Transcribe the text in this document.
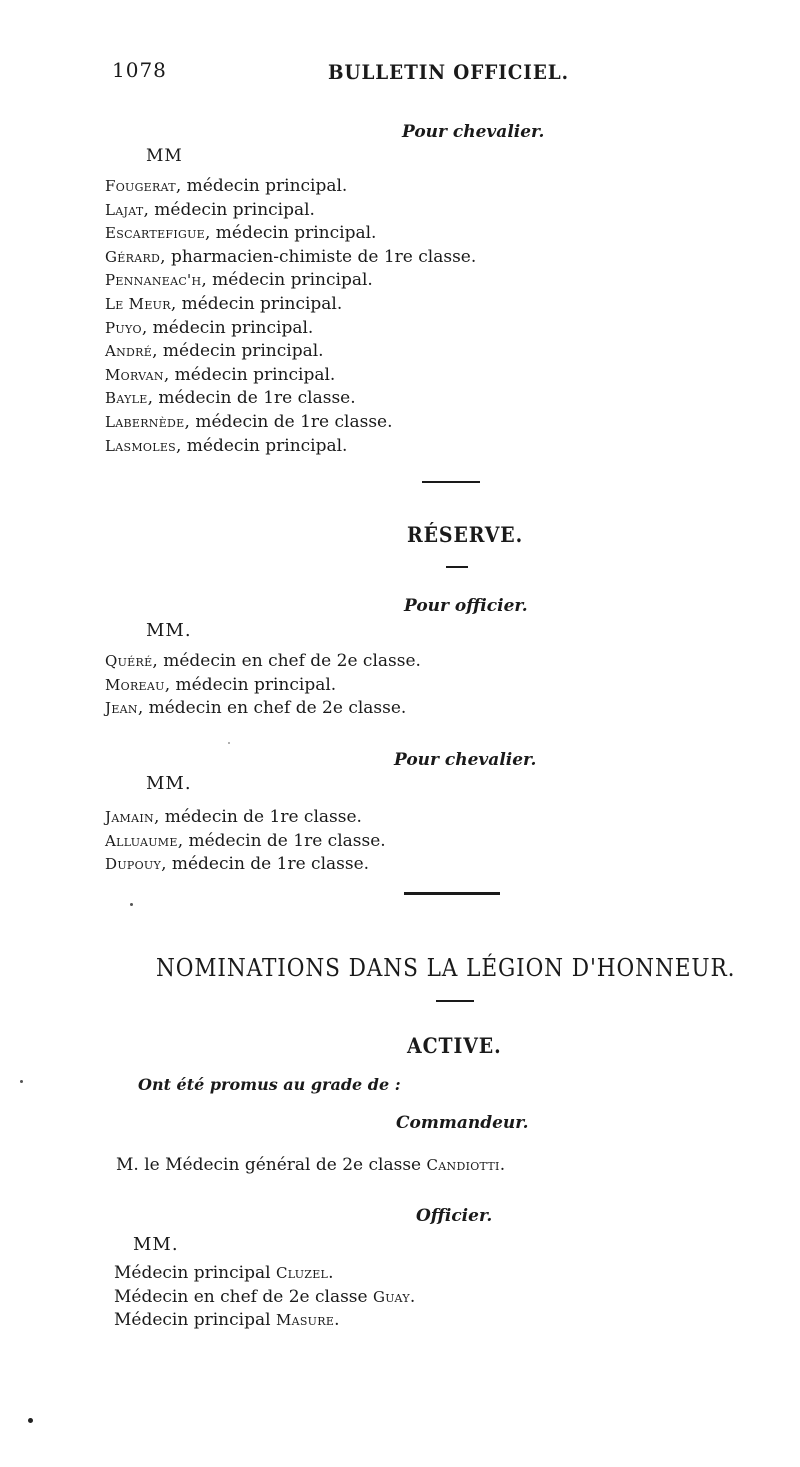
1078	BULLETIN OFFICIEL.
Pour chevalier.
MM
Fougerat, médecin principal.
Lajat, médecin principal.
Escartefigue, médecin principal.
Gérard, pharmacien-chimiste de 1re classe.
Pennaneac'h, médecin principal.
Le Meur, médecin principal.
Puyo, médecin principal.
André, médecin principal.
Morvan, médecin principal.
Bayle, médecin de 1re classe.
Labernède, médecin de 1re classe.
Lasmoles, médecin principal.
RÉSERVE.
Pour officier.
MM.
Quéré, médecin en chef de 2e classe.
Moreau, médecin principal.
Jean, médecin en chef de 2e classe.
Pour chevalier.
MM.
Jamain, médecin de 1re classe.
Alluaume, médecin de 1re classe.
Dupouy, médecin de 1re classe.
NOMINATIONS DANS LA LÉGION D'HONNEUR.
ACTIVE.
Ont été promus au grade de :
Commandeur.
M. le Médecin général de 2e classe Candiotti.
Officier.
MM.
Médecin principal Cluzel.
Médecin en chef de 2e classe Guay.
Médecin principal Masure.
